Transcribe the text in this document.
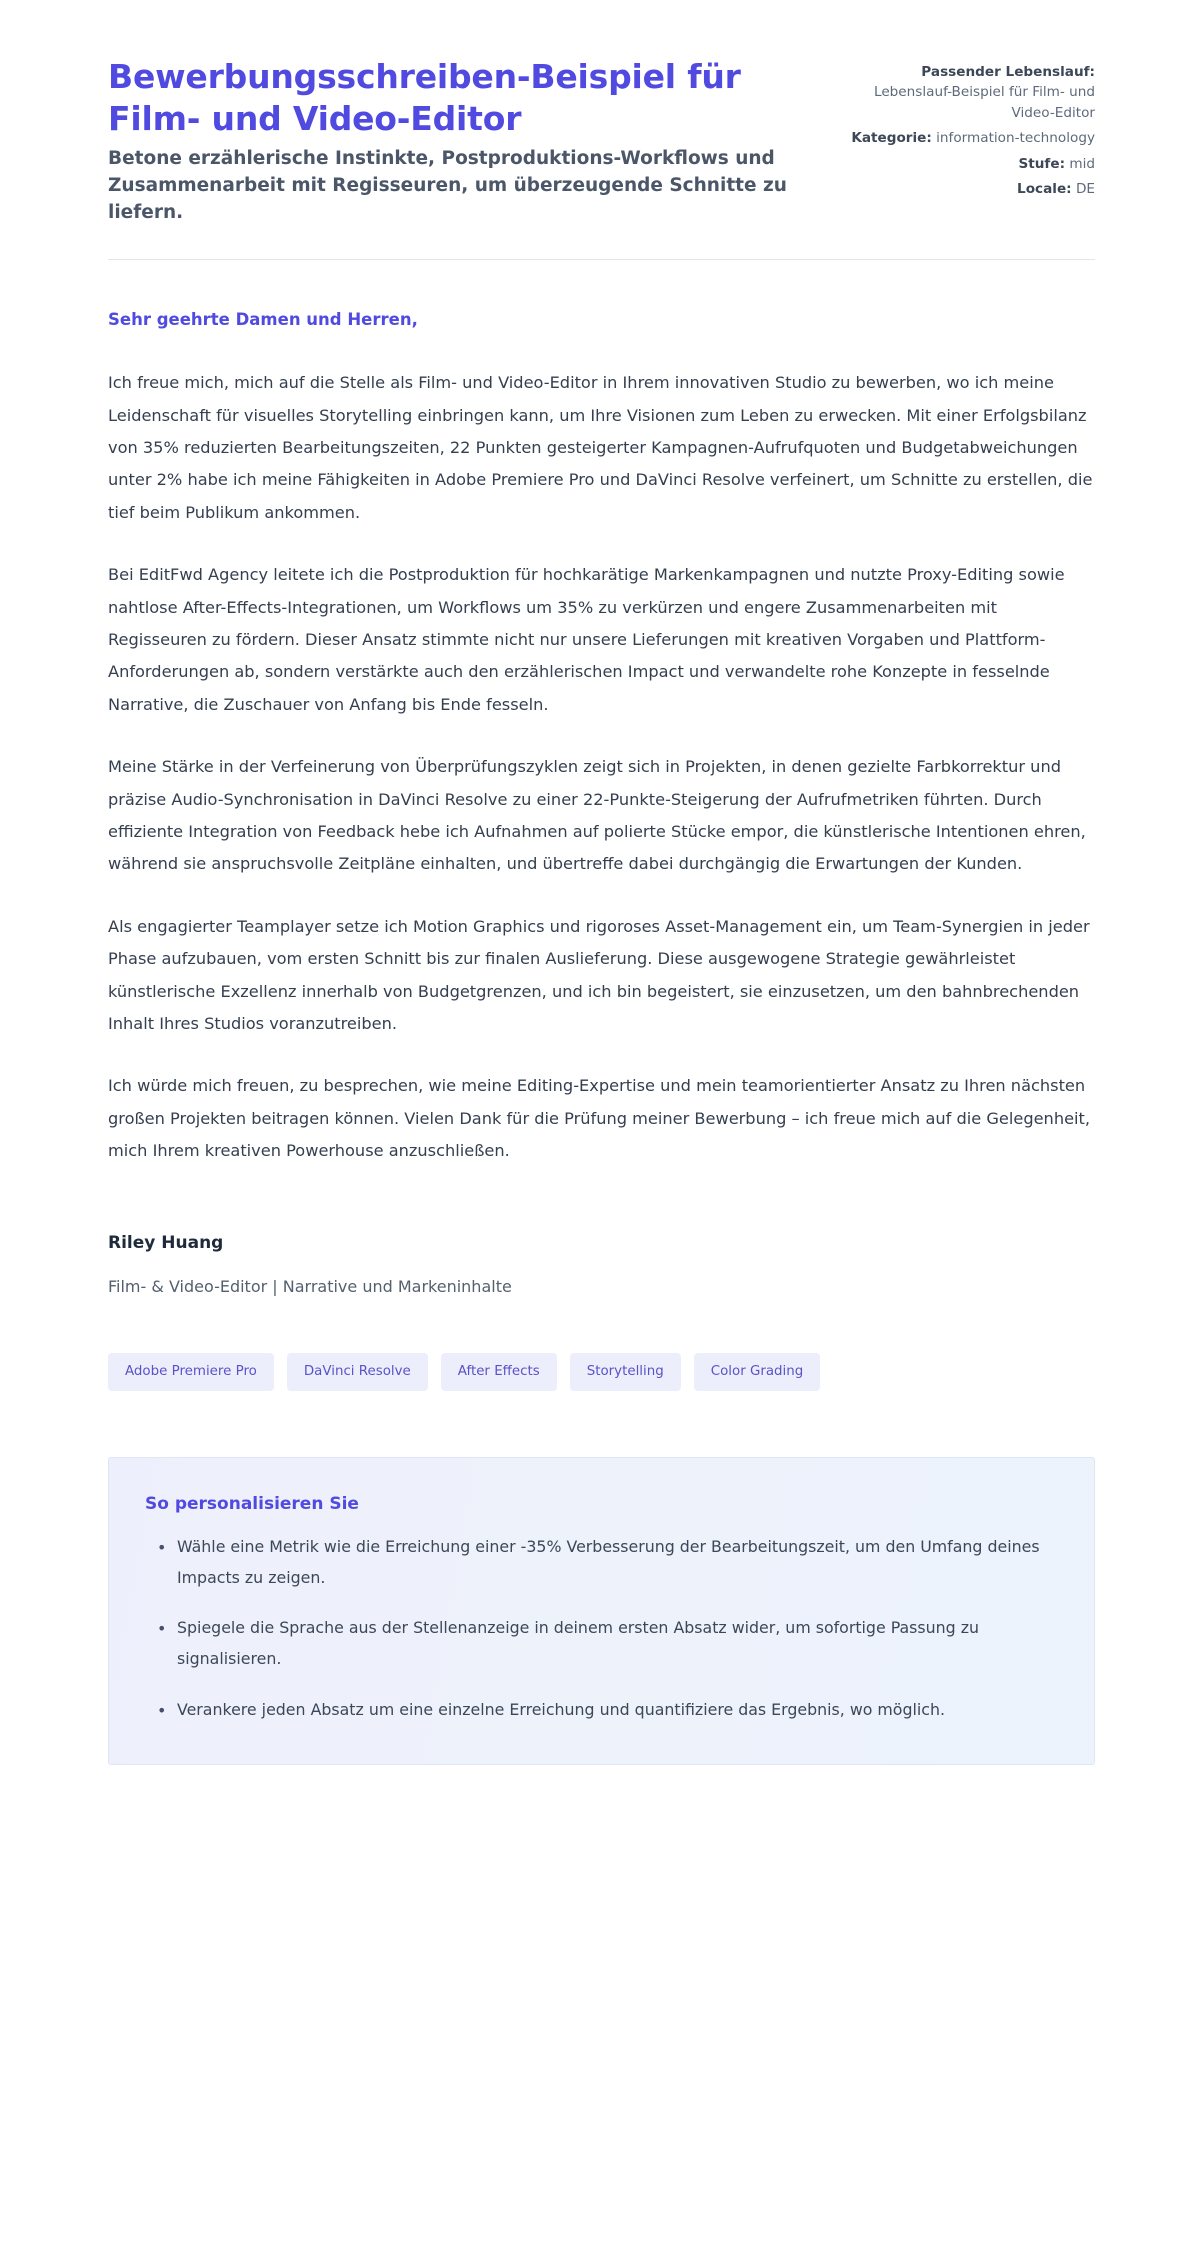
Bewerbungsschreiben-Beispiel für Film- und Video-Editor

Betone erzählerische Instinkte, Postproduktions-Workflows und Zusammenarbeit mit Regisseuren, um überzeugende Schnitte zu liefern.

Passender Lebenslauf: Lebenslauf-Beispiel für Film- und Video-Editor
Kategorie: information-technology
Stufe: mid
Locale: DE

Sehr geehrte Damen und Herren,

Ich freue mich, mich auf die Stelle als Film- und Video-Editor in Ihrem innovativen Studio zu bewerben, wo ich meine Leidenschaft für visuelles Storytelling einbringen kann, um Ihre Visionen zum Leben zu erwecken. Mit einer Erfolgsbilanz von 35% reduzierten Bearbeitungszeiten, 22 Punkten gesteigerter Kampagnen-Aufrufquoten und Budgetabweichungen unter 2% habe ich meine Fähigkeiten in Adobe Premiere Pro und DaVinci Resolve verfeinert, um Schnitte zu erstellen, die tief beim Publikum ankommen.

Bei EditFwd Agency leitete ich die Postproduktion für hochkarätige Markenkampagnen und nutzte Proxy-Editing sowie nahtlose After-Effects-Integrationen, um Workflows um 35% zu verkürzen und engere Zusammenarbeiten mit Regisseuren zu fördern. Dieser Ansatz stimmte nicht nur unsere Lieferungen mit kreativen Vorgaben und Plattform-Anforderungen ab, sondern verstärkte auch den erzählerischen Impact und verwandelte rohe Konzepte in fesselnde Narrative, die Zuschauer von Anfang bis Ende fesseln.

Meine Stärke in der Verfeinerung von Überprüfungszyklen zeigt sich in Projekten, in denen gezielte Farbkorrektur und präzise Audio-Synchronisation in DaVinci Resolve zu einer 22-Punkte-Steigerung der Aufrufmetriken führten. Durch effiziente Integration von Feedback hebe ich Aufnahmen auf polierte Stücke empor, die künstlerische Intentionen ehren, während sie anspruchsvolle Zeitpläne einhalten, und übertreffe dabei durchgängig die Erwartungen der Kunden.

Als engagierter Teamplayer setze ich Motion Graphics und rigoroses Asset-Management ein, um Team-Synergien in jeder Phase aufzubauen, vom ersten Schnitt bis zur finalen Auslieferung. Diese ausgewogene Strategie gewährleistet künstlerische Exzellenz innerhalb von Budgetgrenzen, und ich bin begeistert, sie einzusetzen, um den bahnbrechenden Inhalt Ihres Studios voranzutreiben.

Ich würde mich freuen, zu besprechen, wie meine Editing-Expertise und mein teamorientierter Ansatz zu Ihren nächsten großen Projekten beitragen können. Vielen Dank für die Prüfung meiner Bewerbung – ich freue mich auf die Gelegenheit, mich Ihrem kreativen Powerhouse anzuschließen.

Riley Huang

Film- & Video-Editor | Narrative und Markeninhalte

Adobe Premiere Pro	DaVinci Resolve	After Effects	Storytelling	Color Grading

So personalisieren Sie

• Wähle eine Metrik wie die Erreichung einer -35% Verbesserung der Bearbeitungszeit, um den Umfang deines Impacts zu zeigen.
• Spiegele die Sprache aus der Stellenanzeige in deinem ersten Absatz wider, um sofortige Passung zu signalisieren.
• Verankere jeden Absatz um eine einzelne Erreichung und quantifiziere das Ergebnis, wo möglich.
